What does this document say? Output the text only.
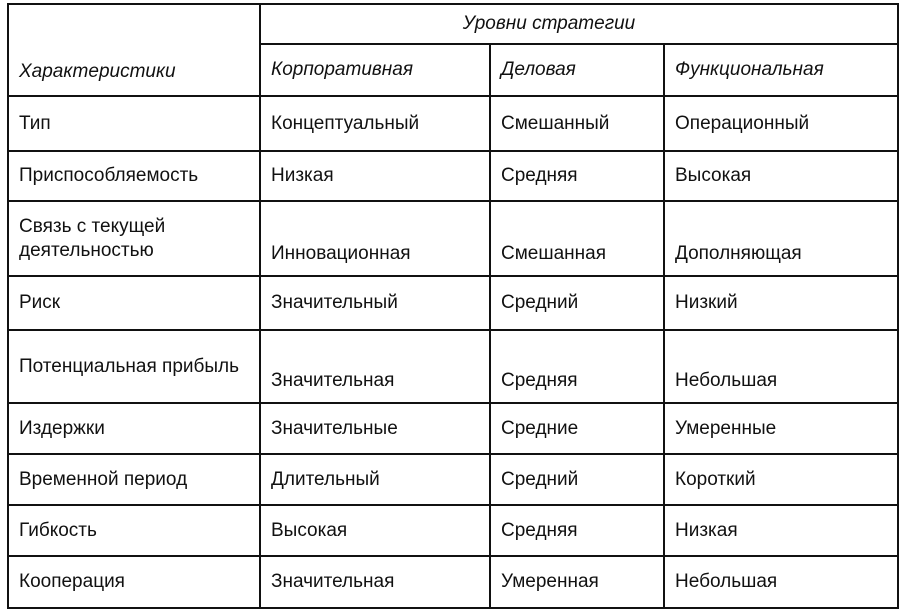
Характеристики	Уровни стратегии		
	Корпоративная	Деловая	Функциональная
Тип	Концептуальный	Смешанный	Операционный
Приспособляемость	Низкая	Средняя	Высокая
Связь с текущей деятельностью	Инновационная	Смешанная	Дополняющая
Риск	Значительный	Средний	Низкий
Потенциальная прибыль	Значительная	Средняя	Небольшая
Издержки	Значительные	Средние	Умеренные
Временной период	Длительный	Средний	Короткий
Гибкость	Высокая	Средняя	Низкая
Кооперация	Значительная	Умеренная	Небольшая
